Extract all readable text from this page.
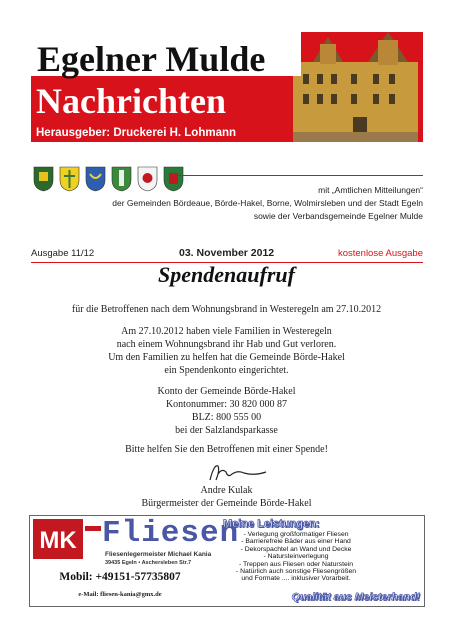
Nachrichten
Herausgeber: Druckerei H. Lohmann
Egelner Mulde
mit „Amtlichen Mitteilungen“
der Gemeinden Bördeaue, Börde-Hakel, Borne, Wolmirsleben und der Stadt Egeln
sowie der Verbandsgemeinde Egelner Mulde
Ausgabe 11/12	03. November 2012	kostenlose Ausgabe
Spendenaufruf
für die Betroffenen nach dem Wohnungsbrand in Westeregeln am 27.10.2012
Am 27.10.2012 haben viele Familien in Westeregeln
nach einem Wohnungsbrand ihr Hab und Gut verloren.
Um den Familien zu helfen hat die Gemeinde Börde-Hakel
ein Spendenkonto eingerichtet.
Konto der Gemeinde Börde-Hakel
Kontonummer: 30 820 000 87
BLZ: 800 555 00
bei der Salzlandsparkasse
Bitte helfen Sie den Betroffenen mit einer Spende!
Andre Kulak
Bürgermeister der Gemeinde Börde-Hakel
MK Fliesen
Fliesenlegermeister Michael Kania
39435 Egeln • Aschersleben Str.7
Mobil: +49151-57735807
e-Mail: fliesen-kania@gmx.de
Meine Leistungen:
- Verlegung großformatiger Fliesen
- Barrierefreie Bäder aus einer Hand
- Dekorspachtel an Wand und Decke
- Natursteinverlegung
- Treppen aus Fliesen oder Naturstein
- Natürlich auch sonstige Fliesengrößen
und Formate .... inklusiver Vorarbeit.
Qualität aus Meisterhand!
